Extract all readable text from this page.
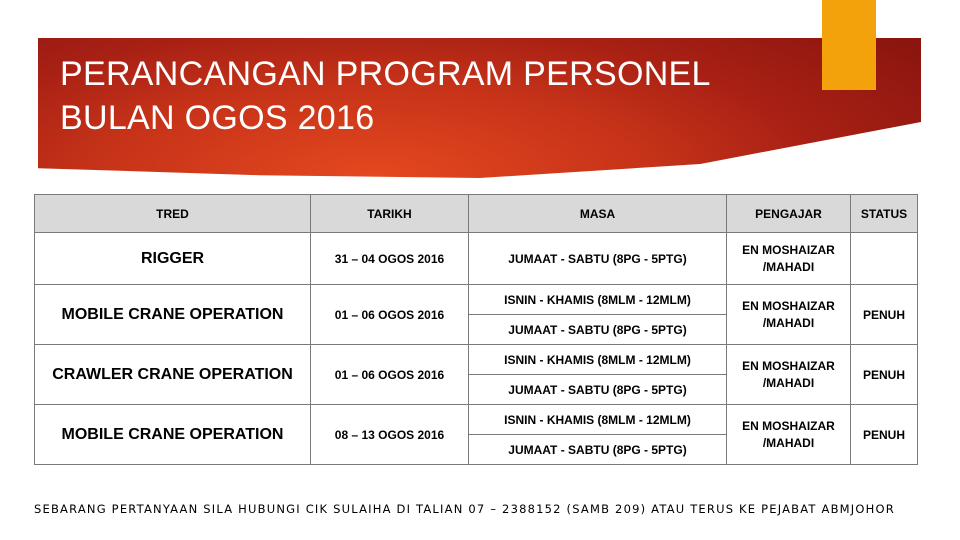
PERANCANGAN PROGRAM PERSONEL
BULAN OGOS 2016
TRED	TARIKH	MASA	PENGAJAR	STATUS
RIGGER	31 – 04 OGOS 2016	JUMAAT - SABTU (8PG - 5PTG)	EN MOSHAIZAR /MAHADI	
MOBILE CRANE OPERATION	01 – 06 OGOS 2016	ISNIN - KHAMIS (8MLM - 12MLM)	EN MOSHAIZAR /MAHADI	PENUH
		JUMAAT - SABTU (8PG - 5PTG)		
CRAWLER CRANE OPERATION	01 – 06 OGOS 2016	ISNIN - KHAMIS (8MLM - 12MLM)	EN MOSHAIZAR /MAHADI	PENUH
		JUMAAT - SABTU (8PG - 5PTG)		
MOBILE CRANE OPERATION	08 – 13 OGOS 2016	ISNIN - KHAMIS (8MLM - 12MLM)	EN MOSHAIZAR /MAHADI	PENUH
		JUMAAT - SABTU (8PG - 5PTG)		
SEBARANG PERTANYAAN SILA HUBUNGI CIK SULAIHA DI TALIAN 07 – 2388152 (SAMB 209) ATAU TERUS KE PEJABAT ABMJOHOR
